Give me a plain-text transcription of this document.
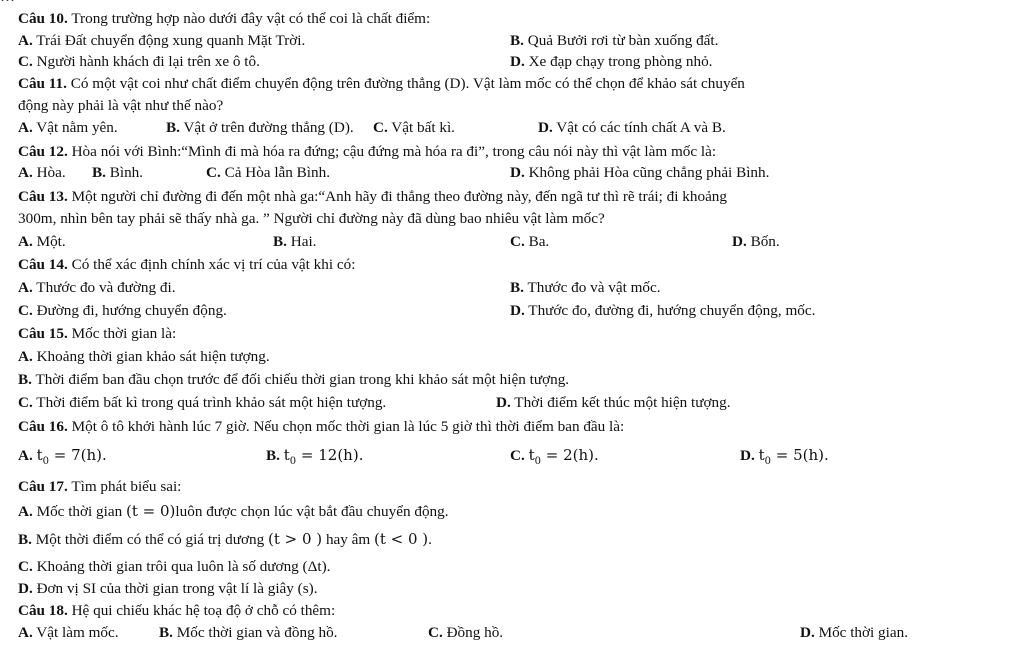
Câu 10. Trong trường hợp nào dưới đây vật có thể coi là chất điểm:
A. Trái Đất chuyển động xung quanh Mặt Trời.	B. Quả Bưởi rơi từ bàn xuống đất.
C. Người hành khách đi lại trên xe ô tô.	D. Xe đạp chạy trong phòng nhỏ.
Câu 11. Có một vật coi như chất điểm chuyển động trên đường thẳng (D). Vật làm mốc có thể chọn để khảo sát chuyển
động này phải là vật như thế nào?
A. Vật nằm yên.	B. Vật ở trên đường thẳng (D). C. Vật bất kì.	D. Vật có các tính chất A và B.
Câu 12. Hòa nói với Bình:“Mình đi mà hóa ra đứng; cậu đứng mà hóa ra đi”, trong câu nói này thì vật làm mốc là:
A. Hòa. B. Bình.	C. Cả Hòa lẫn Bình.	D. Không phải Hòa cũng chẳng phải Bình.
Câu 13. Một người chỉ đường đi đến một nhà ga:“Anh hãy đi thẳng theo đường này, đến ngã tư thì rẽ trái; đi khoảng
300m, nhìn bên tay phải sẽ thấy nhà ga. ” Người chỉ đường này đã dùng bao nhiêu vật làm mốc?
A. Một.	B. Hai.	C. Ba.	D. Bốn.
Câu 14. Có thể xác định chính xác vị trí của vật khi có:
A. Thước đo và đường đi.	B. Thước đo và vật mốc.
C. Đường đi, hướng chuyển động.	D. Thước đo, đường đi, hướng chuyển động, mốc.
Câu 15. Mốc thời gian là:
A. Khoảng thời gian khảo sát hiện tượng.
B. Thời điểm ban đầu chọn trước để đối chiếu thời gian trong khi khảo sát một hiện tượng.
C. Thời điểm bất kì trong quá trình khảo sát một hiện tượng.	D. Thời điểm kết thúc một hiện tượng.
Câu 16. Một ô tô khởi hành lúc 7 giờ. Nếu chọn mốc thời gian là lúc 5 giờ thì thời điểm ban đầu là:
A. $t_0 = 7(h)$.	B. $t_0 = 12(h)$.	C. $t_0 = 2(h)$.	D. $t_0 = 5(h)$.
Câu 17. Tìm phát biểu sai:
A. Mốc thời gian (t = 0)luôn được chọn lúc vật bắt đầu chuyển động.
B. Một thời điểm có thể có giá trị dương (t > 0 ) hay âm (t < 0 ).
C. Khoảng thời gian trôi qua luôn là số dương (Δt).
D. Đơn vị SI của thời gian trong vật lí là giây (s).
Câu 18. Hệ qui chiếu khác hệ toạ độ ở chỗ có thêm:
A. Vật làm mốc.	B. Mốc thời gian và đồng hồ.	C. Đồng hồ.	D. Mốc thời gian.
